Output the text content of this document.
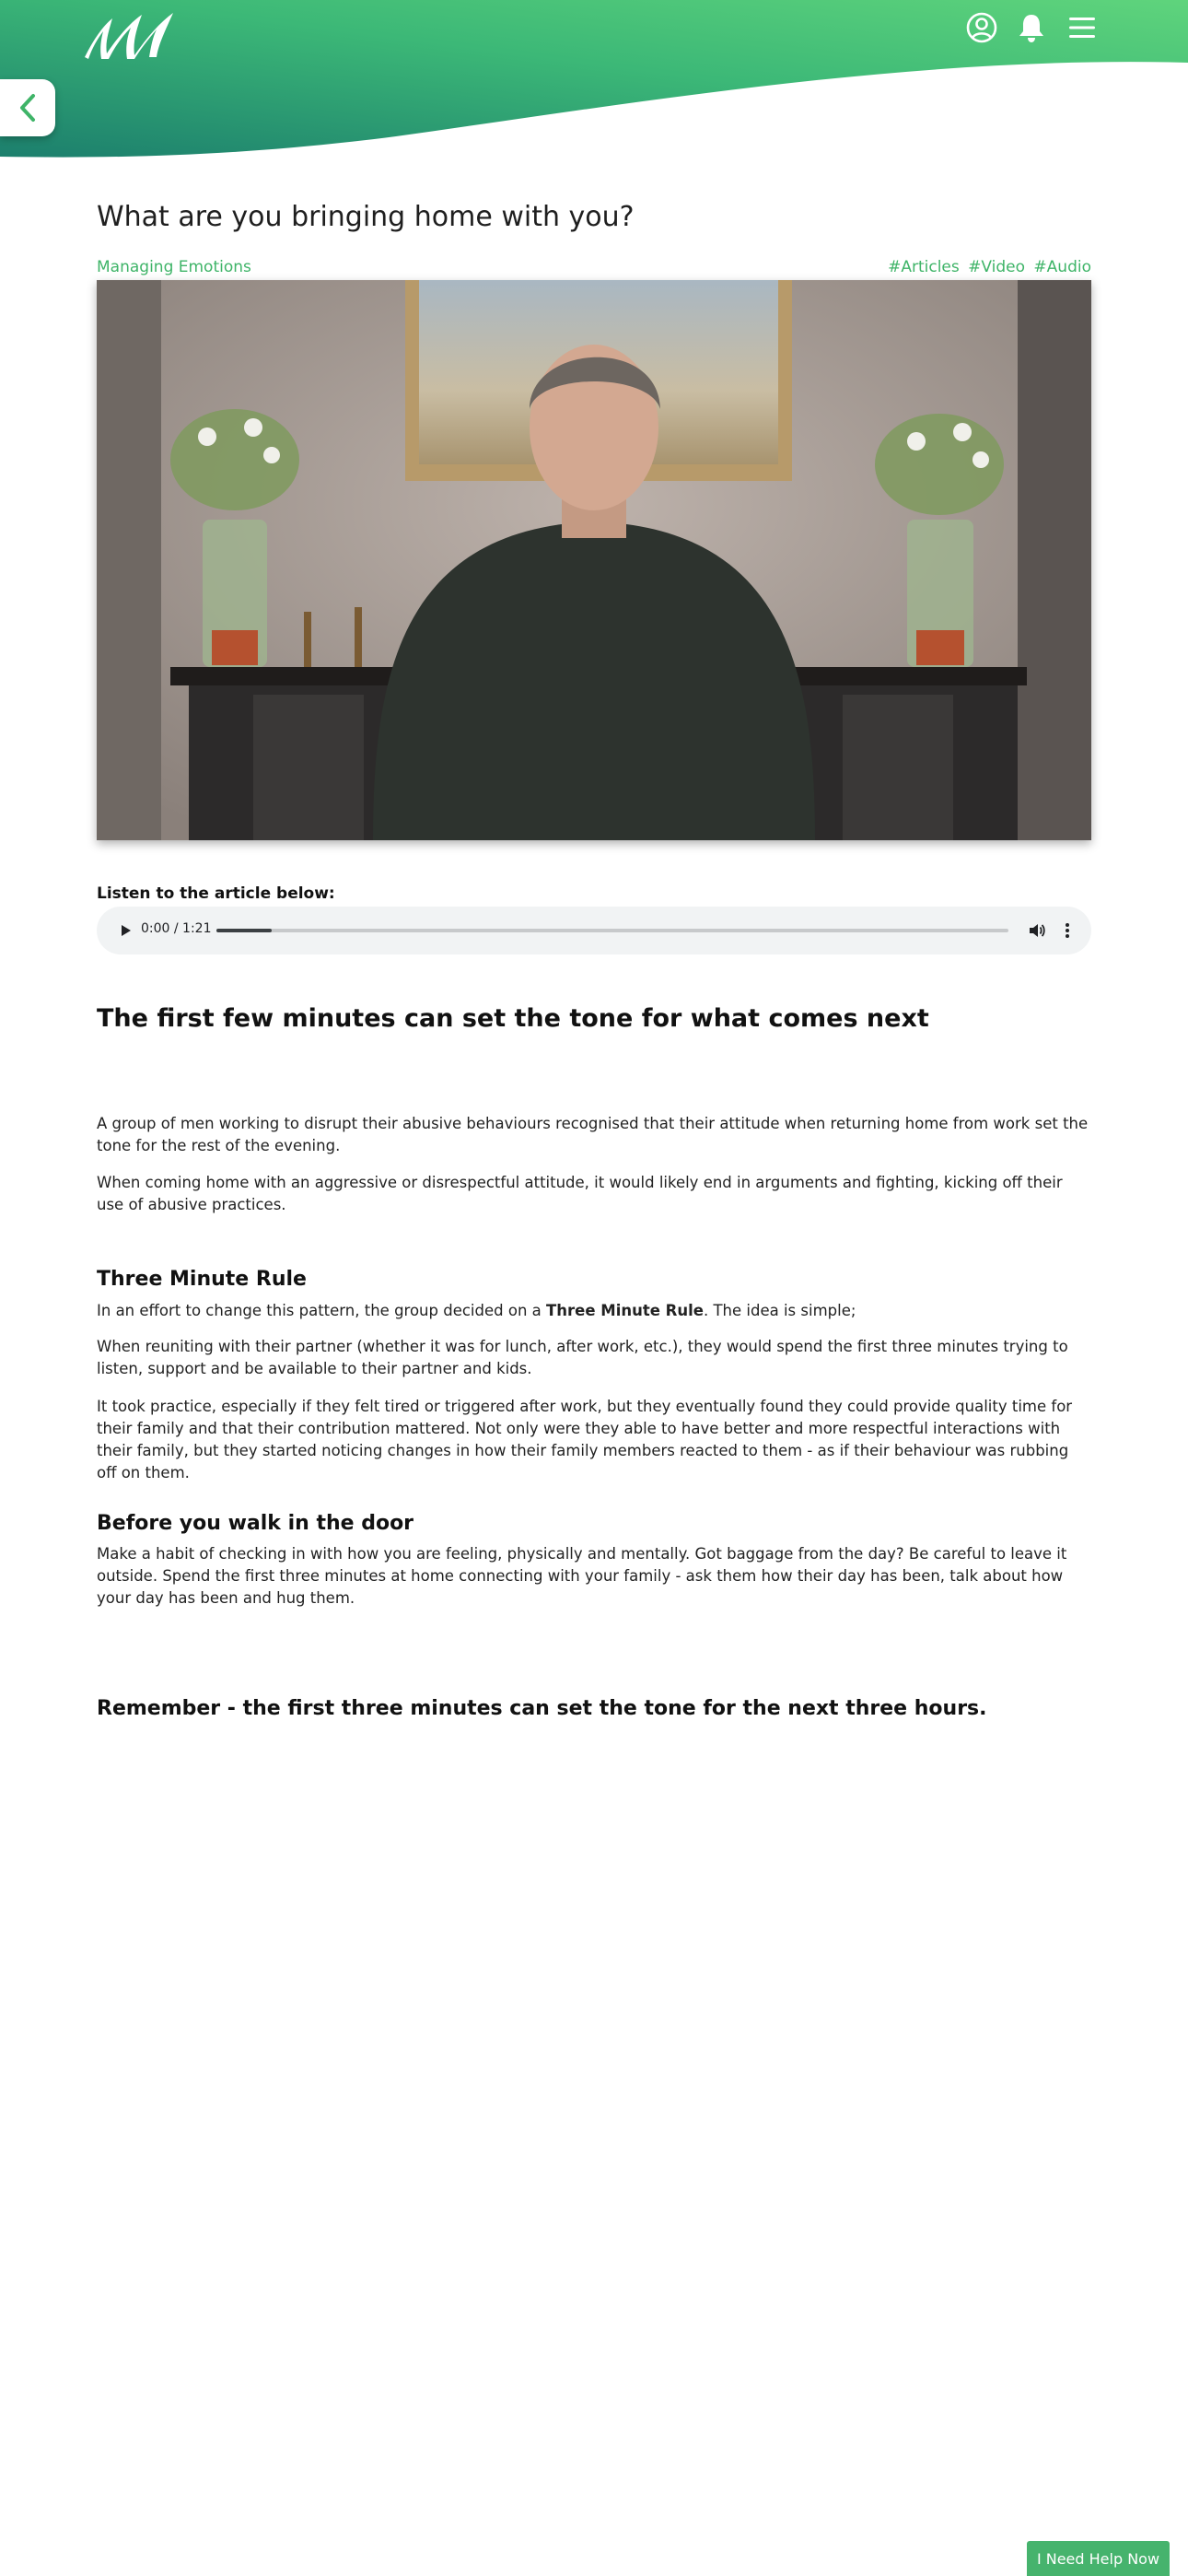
What are you bringing home with you?
Managing Emotions	#Articles #Video #Audio
Listen to the article below:
0:00 / 1:21
The first few minutes can set the tone for what comes next

A group of men working to disrupt their abusive behaviours recognised that their attitude when returning home from work set the tone for the rest of the evening.

When coming home with an aggressive or disrespectful attitude, it would likely end in arguments and fighting, kicking off their use of abusive practices.

Three Minute Rule

In an effort to change this pattern, the group decided on a Three Minute Rule. The idea is simple;

When reuniting with their partner (whether it was for lunch, after work, etc.), they would spend the first three minutes trying to listen, support and be available to their partner and kids.

It took practice, especially if they felt tired or triggered after work, but they eventually found they could provide quality time for their family and that their contribution mattered. Not only were they able to have better and more respectful interactions with their family, but they started noticing changes in how their family members reacted to them - as if their behaviour was rubbing off on them.

Before you walk in the door

Make a habit of checking in with how you are feeling, physically and mentally. Got baggage from the day? Be careful to leave it outside. Spend the first three minutes at home connecting with your family - ask them how their day has been, talk about how your day has been and hug them.

Remember - the first three minutes can set the tone for the next three hours.
I Need Help Now
